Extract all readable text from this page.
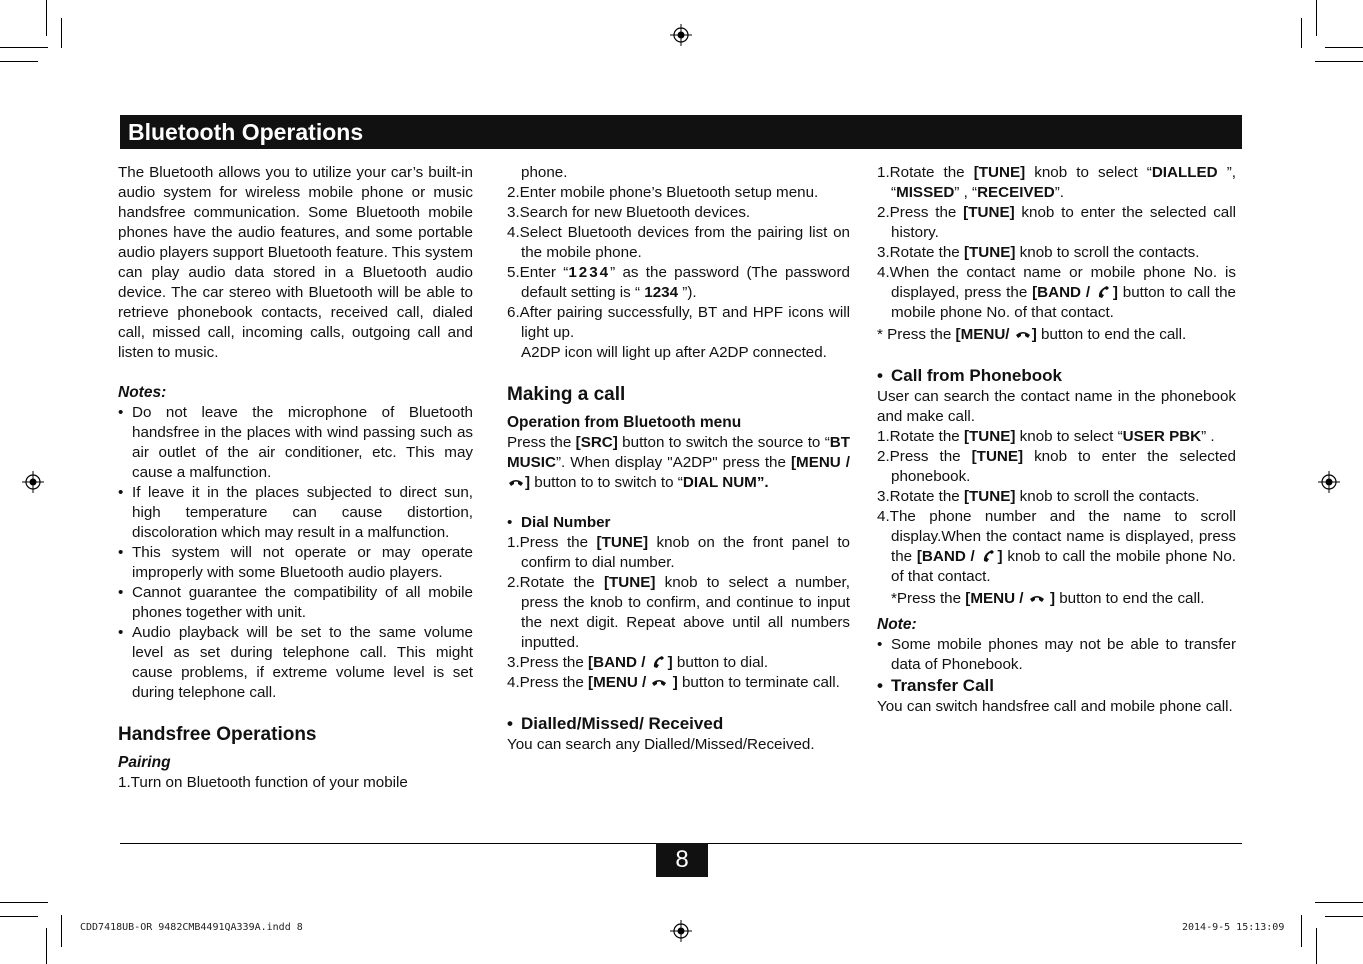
Bluetooth Operations

The Bluetooth allows you to utilize your car’s built-in audio system for wireless mobile phone or music handsfree communication. Some Bluetooth mobile phones have the audio features, and some portable audio players support Bluetooth feature. This system can play audio data stored in a Bluetooth audio device. The car stereo with Bluetooth will be able to retrieve phonebook contacts, received call, dialed call, missed call, incoming calls, outgoing call and listen to music.

Notes:
• Do not leave the microphone of Bluetooth handsfree in the places with wind passing such as air outlet of the air conditioner, etc. This may cause a malfunction.
• If leave it in the places subjected to direct sun, high temperature can cause distortion, discoloration which may result in a malfunction.
• This system will not operate or may operate improperly with some Bluetooth audio players.
• Cannot guarantee the compatibility of all mobile phones together with unit.
• Audio playback will be set to the same volume level as set during telephone call. This might cause problems, if extreme volume level is set during telephone call.
Handsfree Operations
Pairing

1.Turn on Bluetooth function of your mobile

phone.
2.Enter mobile phone’s Bluetooth setup menu.
3.Search for new Bluetooth devices.
4.Select Bluetooth devices from the pairing list on the mobile phone.
5.Enter “1234” as the password (The password default setting is “ 1234 ”).
6.After pairing successfully, BT and HPF icons will light up.
A2DP icon will light up after A2DP connected.
Making a call
Operation from Bluetooth menu

Press the [SRC] button to switch the source to “BT MUSIC”. When display "A2DP" press the [MENU / ] button to to switch to “DIAL NUM”.

• Dial Number
1.Press the [TUNE] knob on the front panel to confirm to dial number.
2.Rotate the [TUNE] knob to select a number, press the knob to confirm, and continue to input the next digit. Repeat above until all numbers inputted.
3.Press the [BAND / ] button to dial.
4.Press the [MENU /  ] button to terminate call.
• Dialled/Missed/ Received

You can search any Dialled/Missed/Received.

1.Rotate the [TUNE] knob to select “DIALLED ”, “MISSED” , “RECEIVED”.
2.Press the [TUNE] knob to enter the selected call history.
3.Rotate the [TUNE] knob to scroll the contacts.
4.When the contact name or mobile phone No. is displayed, press the [BAND / ] button to call the mobile phone No. of that contact.

* Press the [MENU/ ] button to end the call.

• Call from Phonebook

User can search the contact name in the phonebook and make call.

1.Rotate the [TUNE] knob to select “USER PBK” .
2.Press the [TUNE] knob to enter the selected phonebook.
3.Rotate the [TUNE] knob to scroll the contacts.
4.The phone number and the name to scroll display.When the contact name is displayed, press the [BAND / ] knob to call the mobile phone No. of that contact.
*Press the [MENU /  ] button to end the call.
Note:
• Some mobile phones may not be able to transfer data of Phonebook.
• Transfer Call

You can switch handsfree call and mobile phone call.

8
CDD7418UB-OR 9482CMB4491QA339A.indd 8	2014-9-5 15:13:09
